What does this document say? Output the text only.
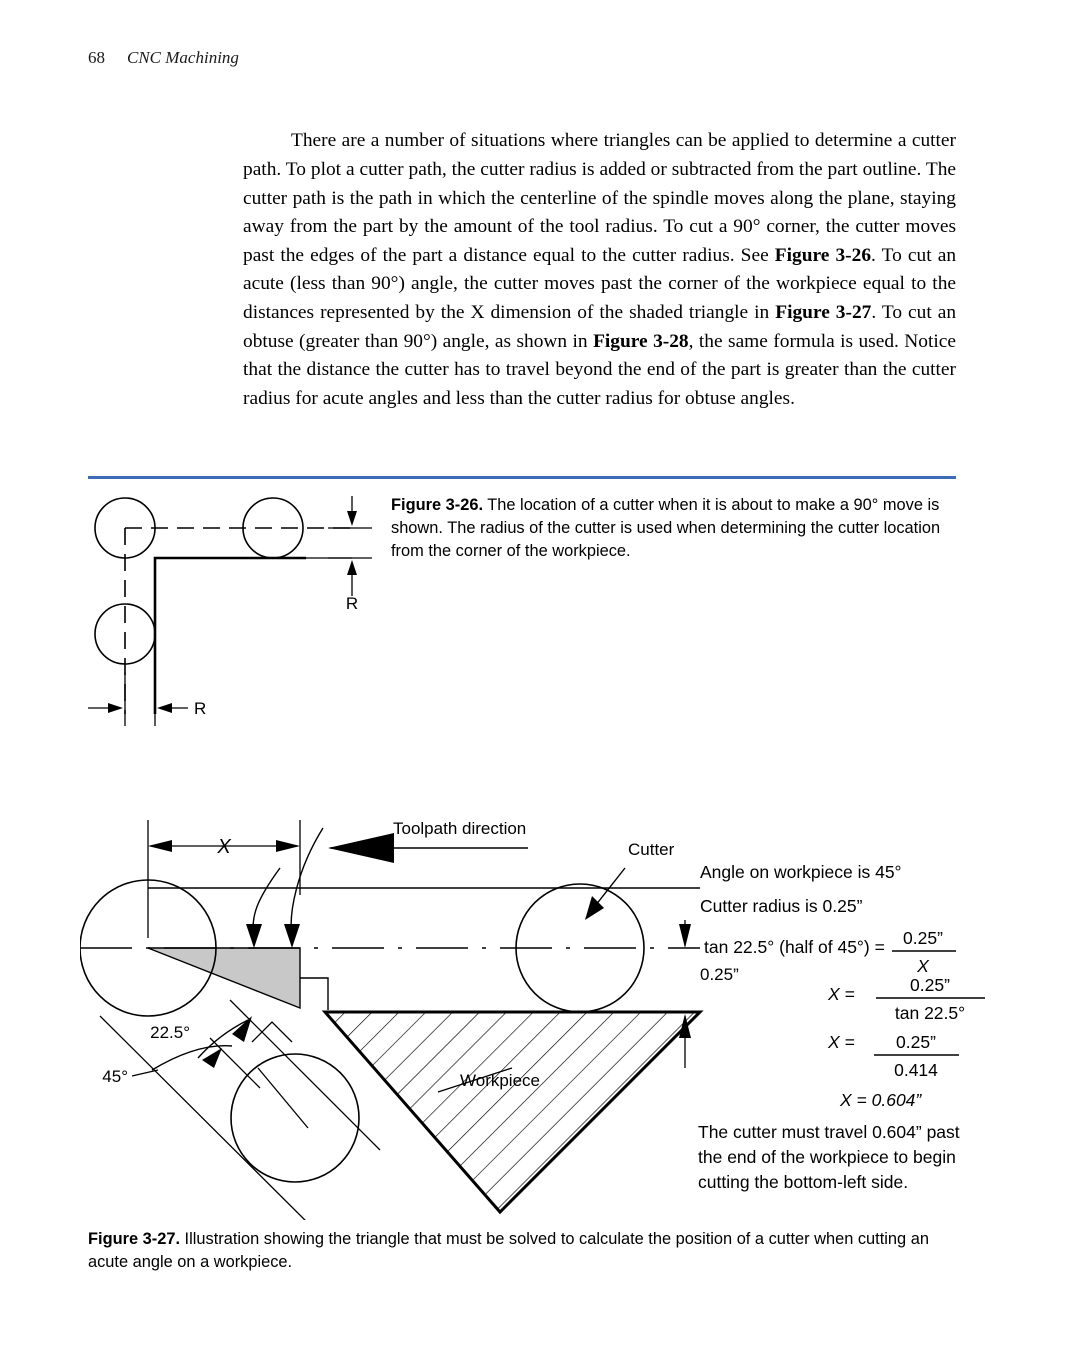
68 CNC Machining

There are a number of situations where triangles can be applied to determine a cutter path. To plot a cutter path, the cutter radius is added or subtracted from the part outline. The cutter path is the path in which the centerline of the spindle moves along the plane, staying away from the part by the amount of the tool radius. To cut a 90° corner, the cutter moves past the edges of the part a distance equal to the cutter radius. See Figure 3-26. To cut an acute (less than 90°) angle, the cutter moves past the corner of the workpiece equal to the distances represented by the X dimension of the shaded triangle in Figure 3-27. To cut an obtuse (greater than 90°) angle, as shown in Figure 3-28, the same formula is used. Notice that the distance the cutter has to travel beyond the end of the part is greater than the cutter radius for acute angles and less than the cutter radius for obtuse angles.

Figure 3-26. The location of a cutter when it is about to make a 90° move is shown. The radius of the cutter is used when determining the cutter location from the corner of the workpiece.
R
R
X
Toolpath direction
Cutter
0.25”
22.5°
45°	Workpiece
Angle on workpiece is 45°
Cutter radius is 0.25”
tan 22.5° (half of 45°) = 0.25”
X
X =	0.25”
tan 22.5°
X = 0.25”
0.414
X = 0.604”
The cutter must travel 0.604” past the end of the workpiece to begin cutting the bottom-left side.
Figure 3-27. Illustration showing the triangle that must be solved to calculate the position of a cutter when cutting an acute angle on a workpiece.
